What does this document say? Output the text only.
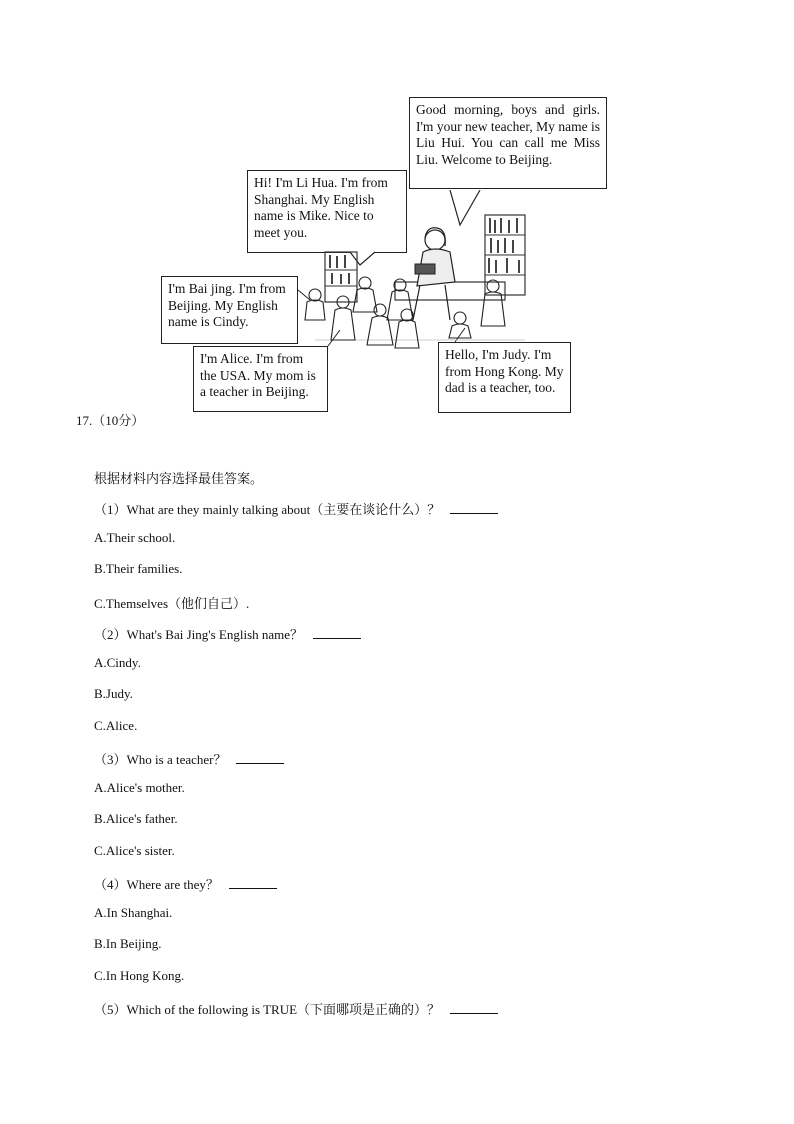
Good morning, boys and girls. I'm your new teacher, My name is Liu Hui. You can call me Miss Liu. Welcome to Beijing.
Hi! I'm Li Hua. I'm from Shanghai. My English name is Mike. Nice to meet you.
I'm Bai jing. I'm from Beijing. My English name is Cindy.
I'm Alice. I'm from the USA. My mom is a teacher in Beijing.
Hello, I'm Judy. I'm from Hong Kong. My dad is a teacher, too.
17.（10分）
根据材料内容选择最佳答案。
（1）What are they mainly talking about（主要在谈论什么）？
A.Their school.
B.Their families.
C.Themselves（他们自己）.
（2）What's Bai Jing's English name？
A.Cindy.
B.Judy.
C.Alice.
（3）Who is a teacher？
A.Alice's mother.
B.Alice's father.
C.Alice's sister.
（4）Where are they？
A.In Shanghai.
B.In Beijing.
C.In Hong Kong.
（5）Which of the following is TRUE（下面哪项是正确的）？
